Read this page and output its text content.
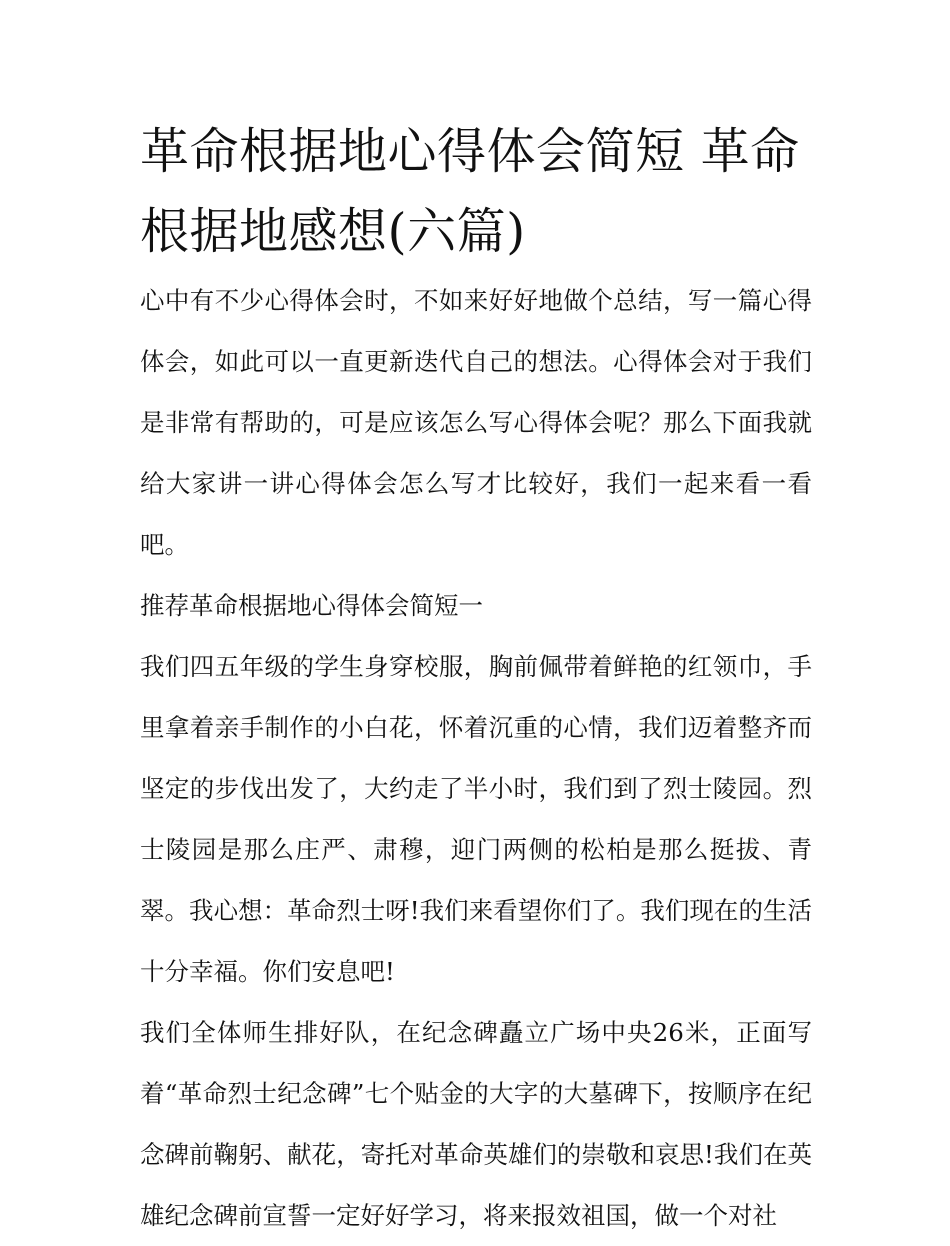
革命根据地心得体会简短 革命根据地感想(六篇)

心中有不少心得体会时，不如来好好地做个总结，写一篇心得体会，如此可以一直更新迭代自己的想法。心得体会对于我们是非常有帮助的，可是应该怎么写心得体会呢？那么下面我就给大家讲一讲心得体会怎么写才比较好，我们一起来看一看吧。

推荐革命根据地心得体会简短一

我们四五年级的学生身穿校服，胸前佩带着鲜艳的红领巾，手里拿着亲手制作的小白花，怀着沉重的心情，我们迈着整齐而坚定的步伐出发了，大约走了半小时，我们到了烈士陵园。烈士陵园是那么庄严、肃穆，迎门两侧的松柏是那么挺拔、青翠。我心想：革命烈士呀!我们来看望你们了。我们现在的生活十分幸福。你们安息吧!

我们全体师生排好队，在纪念碑矗立广场中央26米，正面写着“革命烈士纪念碑”七个贴金的大字的大墓碑下，按顺序在纪念碑前鞠躬、献花，寄托对革命英雄们的崇敬和哀思!我们在英雄纪念碑前宣誓一定好好学习，将来报效祖国，做一个对社
